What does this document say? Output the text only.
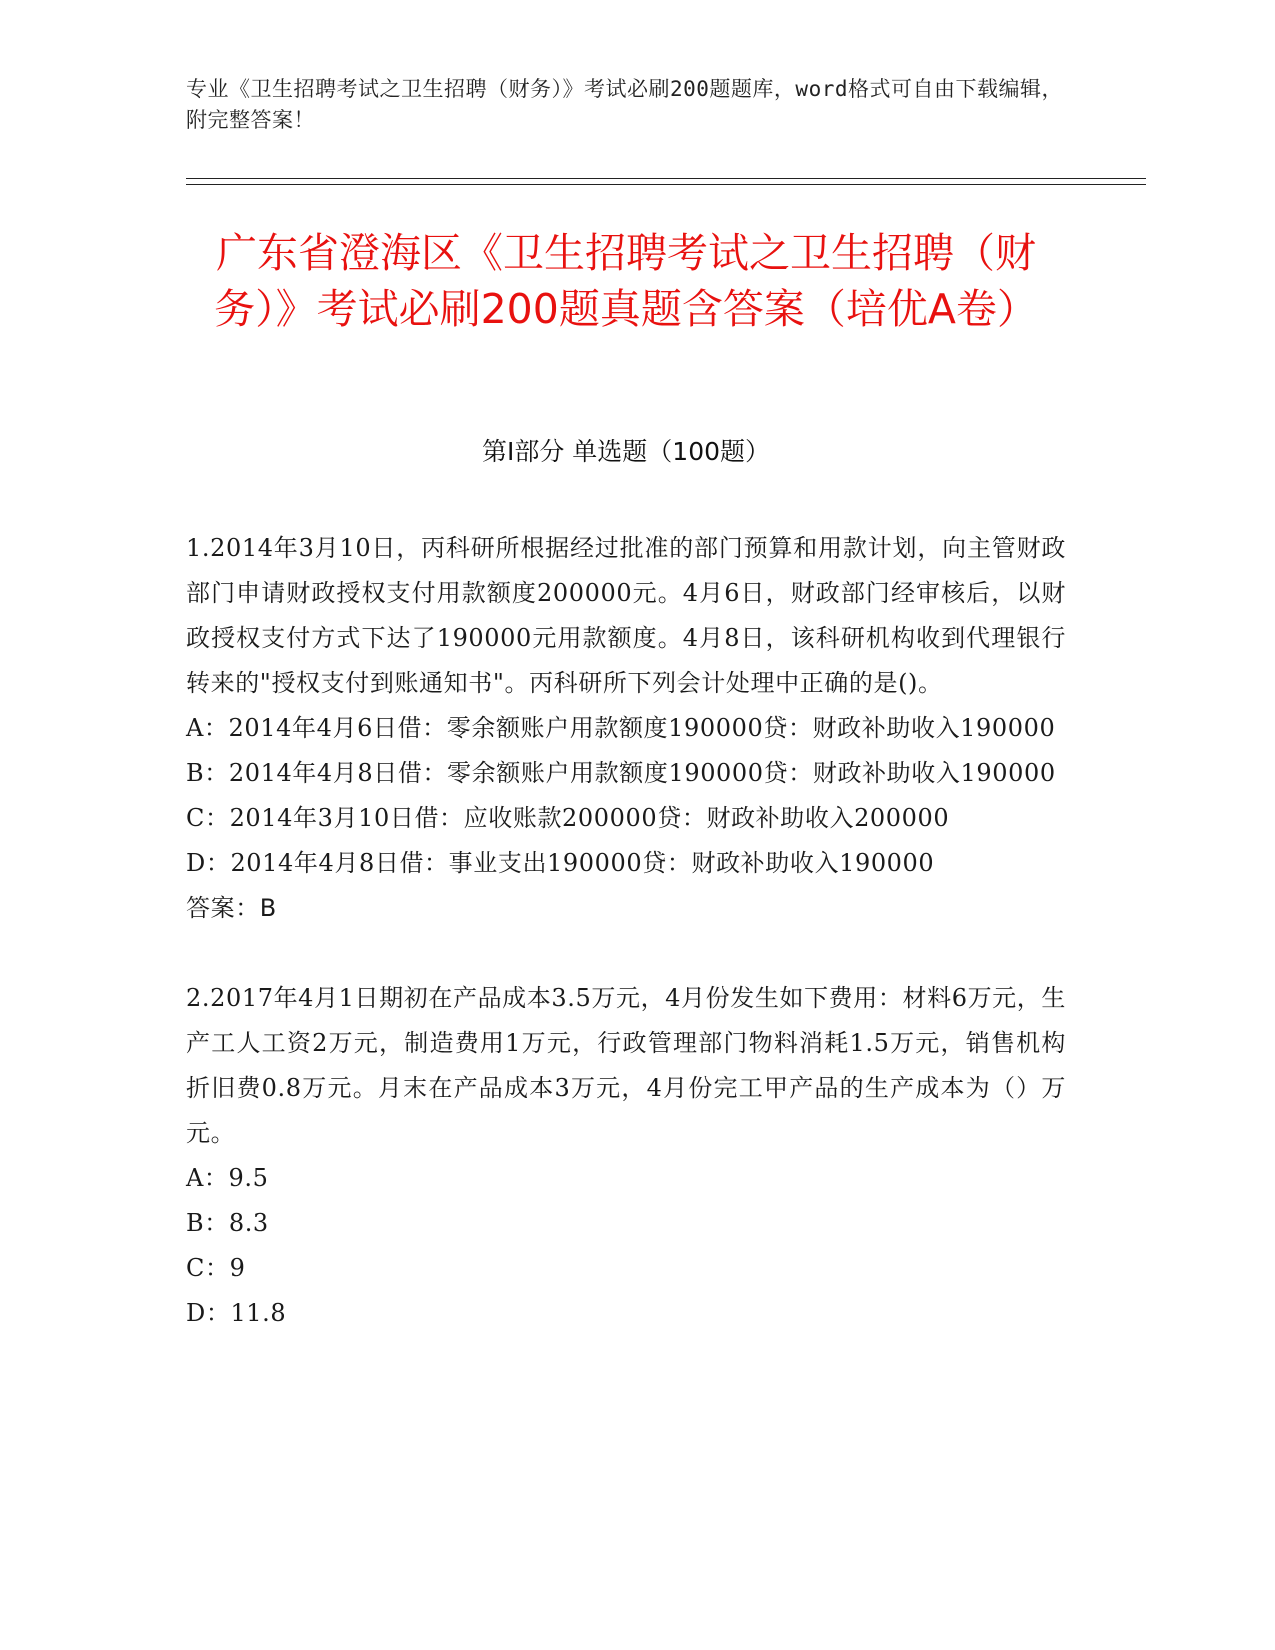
专业《卫生招聘考试之卫生招聘（财务）》考试必刷200题题库，word格式可自由下载编辑，附完整答案！
广东省澄海区《卫生招聘考试之卫生招聘（财务）》考试必刷200题真题含答案（培优A卷）
第I部分 单选题（100题）

1.2014年3月10日，丙科研所根据经过批准的部门预算和用款计划，向主管财政部门申请财政授权支付用款额度200000元。4月6日，财政部门经审核后，以财政授权支付方式下达了190000元用款额度。4月8日，该科研机构收到代理银行转来的"授权支付到账通知书"。丙科研所下列会计处理中正确的是()。

A：2014年4月6日借：零余额账户用款额度190000贷：财政补助收入190000

B：2014年4月8日借：零余额账户用款额度190000贷：财政补助收入190000

C：2014年3月10日借：应收账款200000贷：财政补助收入200000

D：2014年4月8日借：事业支出190000贷：财政补助收入190000

答案：B

2.2017年4月1日期初在产品成本3.5万元，4月份发生如下费用：材料6万元，生产工人工资2万元，制造费用1万元，行政管理部门物料消耗1.5万元，销售机构折旧费0.8万元。月末在产品成本3万元，4月份完工甲产品的生产成本为（）万元。

A：9.5

B：8.3

C：9

D：11.8
